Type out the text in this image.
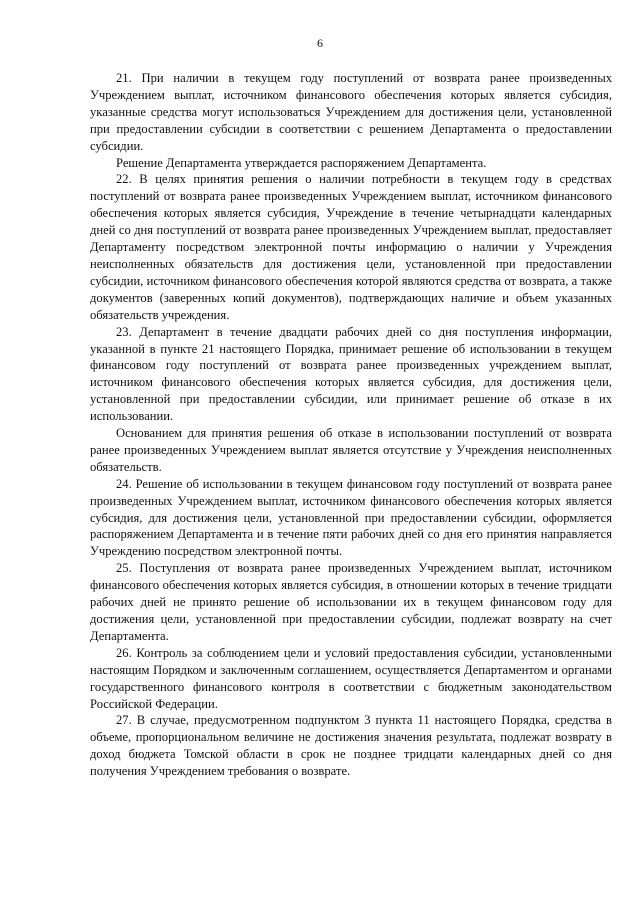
6

21. При наличии в текущем году поступлений от возврата ранее произведенных Учреждением выплат, источником финансового обеспечения которых является субсидия, указанные средства могут использоваться Учреждением для достижения цели, установленной при предоставлении субсидии в соответствии с решением Департамента о предоставлении субсидии.

Решение Департамента утверждается распоряжением Департамента.

22. В целях принятия решения о наличии потребности в текущем году в средствах поступлений от возврата ранее произведенных Учреждением выплат, источником финансового обеспечения которых является субсидия, Учреждение в течение четырнадцати календарных дней со дня поступлений от возврата ранее произведенных Учреждением выплат, предоставляет Департаменту посредством электронной почты информацию о наличии у Учреждения неисполненных обязательств для достижения цели, установленной при предоставлении субсидии, источником финансового обеспечения которой являются средства от возврата, а также документов (заверенных копий документов), подтверждающих наличие и объем указанных обязательств учреждения.

23. Департамент в течение двадцати рабочих дней со дня поступления информации, указанной в пункте 21 настоящего Порядка, принимает решение об использовании в текущем финансовом году поступлений от возврата ранее произведенных учреждением выплат, источником финансового обеспечения которых является субсидия, для достижения цели, установленной при предоставлении субсидии, или принимает решение об отказе в их использовании.

Основанием для принятия решения об отказе в использовании поступлений от возврата ранее произведенных Учреждением выплат является отсутствие у Учреждения неисполненных обязательств.

24. Решение об использовании в текущем финансовом году поступлений от возврата ранее произведенных Учреждением выплат, источником финансового обеспечения которых является субсидия, для достижения цели, установленной при предоставлении субсидии, оформляется распоряжением Департамента и в течение пяти рабочих дней со дня его принятия направляется Учреждению посредством электронной почты.

25. Поступления от возврата ранее произведенных Учреждением выплат, источником финансового обеспечения которых является субсидия, в отношении которых в течение тридцати рабочих дней не принято решение об использовании их в текущем финансовом году для достижения цели, установленной при предоставлении субсидии, подлежат возврату на счет Департамента.

26. Контроль за соблюдением цели и условий предоставления субсидии, установленными настоящим Порядком и заключенным соглашением, осуществляется Департаментом и органами государственного финансового контроля в соответствии с бюджетным законодательством Российской Федерации.

27. В случае, предусмотренном подпунктом 3 пункта 11 настоящего Порядка, средства в объеме, пропорциональном величине не достижения значения результата, подлежат возврату в доход бюджета Томской области в срок не позднее тридцати календарных дней со дня получения Учреждением требования о возврате.
